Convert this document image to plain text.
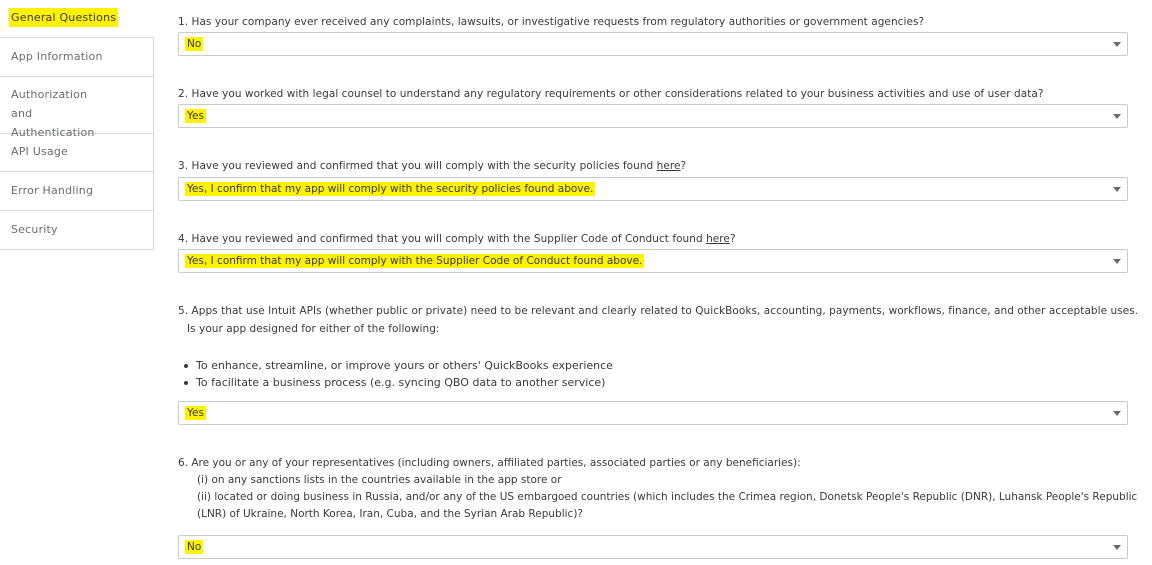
General Questions
App Information
Authorization and Authentication
API Usage
Error Handling
Security
1. Has your company ever received any complaints, lawsuits, or investigative requests from regulatory authorities or government agencies?
No
2. Have you worked with legal counsel to understand any regulatory requirements or other considerations related to your business activities and use of user data?
Yes
3. Have you reviewed and confirmed that you will comply with the security policies found here?
Yes, I confirm that my app will comply with the security policies found above.
4. Have you reviewed and confirmed that you will comply with the Supplier Code of Conduct found here?
Yes, I confirm that my app will comply with the Supplier Code of Conduct found above.
5. Apps that use Intuit APIs (whether public or private) need to be relevant and clearly related to QuickBooks, accounting, payments, workflows, finance, and other acceptable uses.
Is your app designed for either of the following:
To enhance, streamline, or improve yours or others' QuickBooks experience
To facilitate a business process (e.g. syncing QBO data to another service)
Yes
6. Are you or any of your representatives (including owners, affiliated parties, associated parties or any beneficiaries):
(i) on any sanctions lists in the countries available in the app store or
(ii) located or doing business in Russia, and/or any of the US embargoed countries (which includes the Crimea region, Donetsk People's Republic (DNR), Luhansk People's Republic
(LNR) of Ukraine, North Korea, Iran, Cuba, and the Syrian Arab Republic)?
No
